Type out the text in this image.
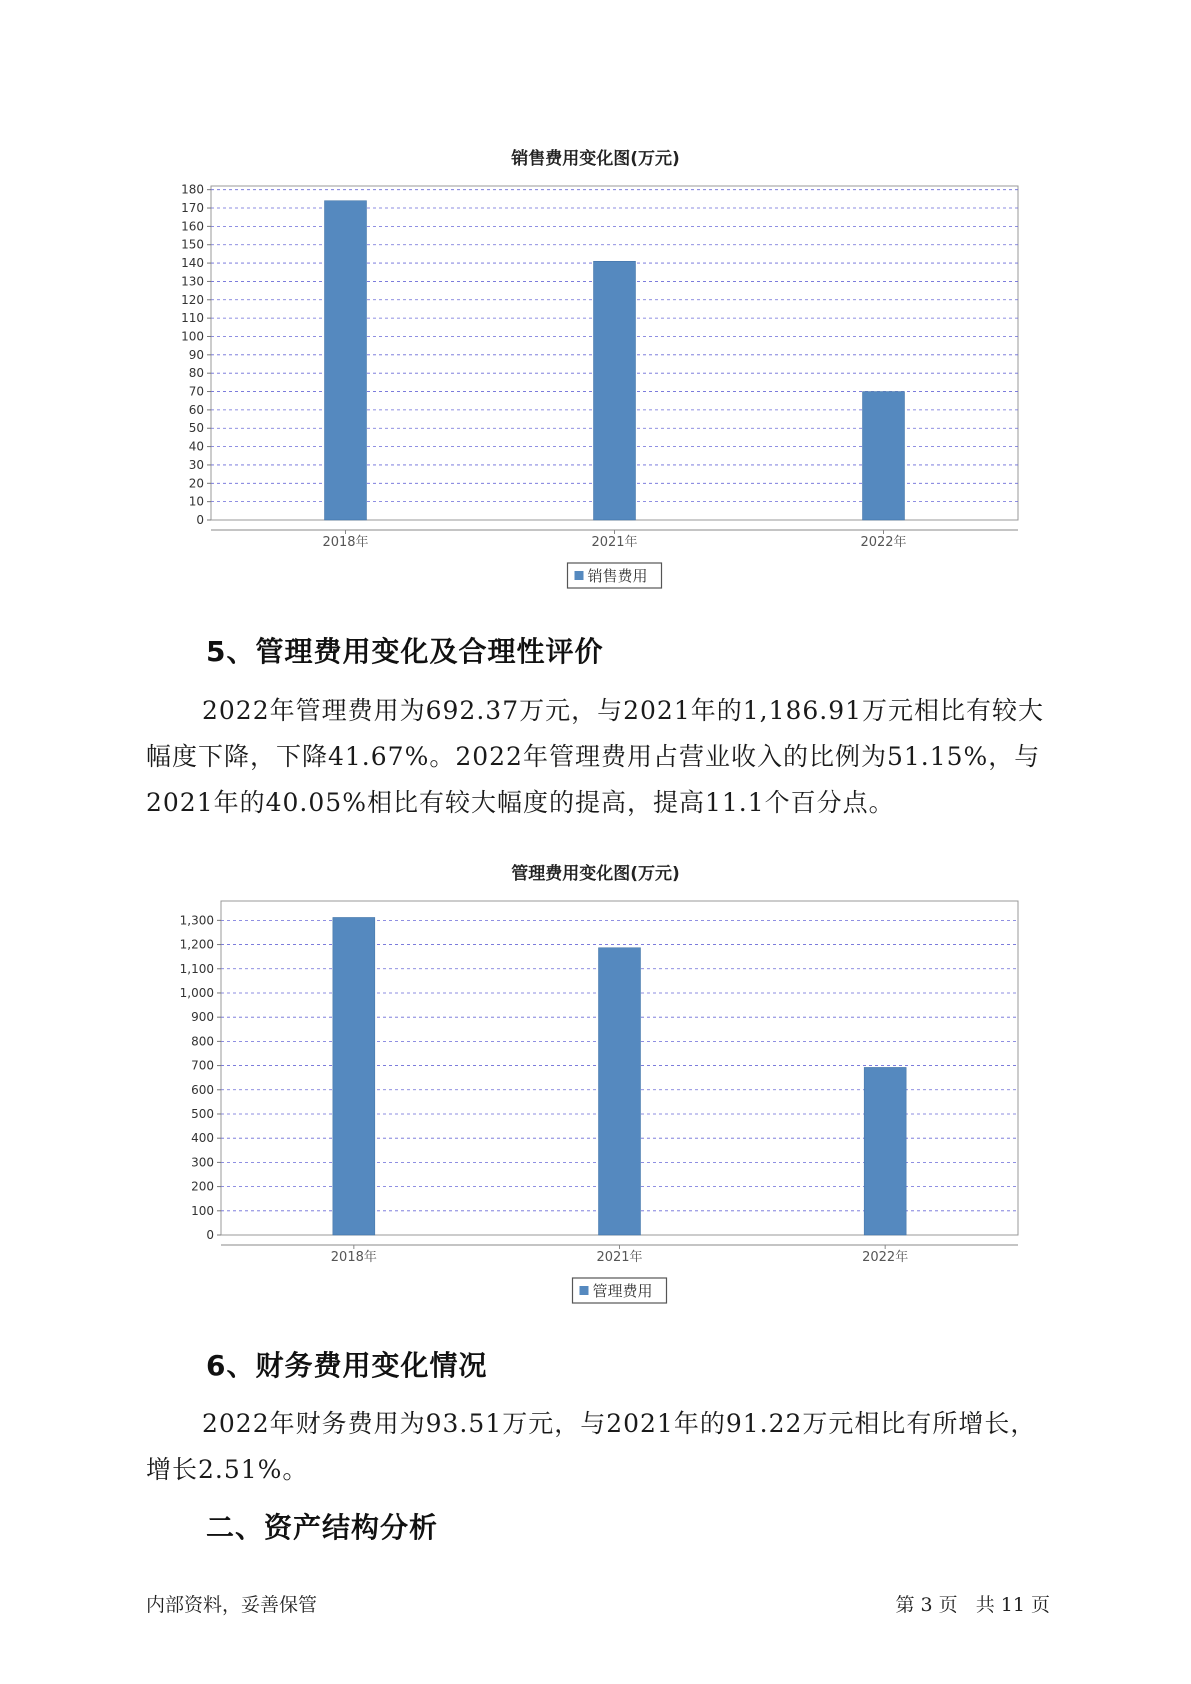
销售费用变化图(万元)
0
10
20
30
40
50
60
70
80
90
100
110
120
130
140
150
160
170
180
2018年	2021年	2022年
销售费用
5、管理费用变化及合理性评价
2022年管理费用为692.37万元，与2021年的1,186.91万元相比有较大幅度下降，下降41.67%。2022年管理费用占营业收入的比例为51.15%，与2021年的40.05%相比有较大幅度的提高，提高11.1个百分点。
管理费用变化图(万元)
0
100
200
300
400
500
600
700
800
900
1,000
1,100
1,200
1,300
2018年	2021年	2022年
管理费用
6、财务费用变化情况
2022年财务费用为93.51万元，与2021年的91.22万元相比有所增长，增长2.51%。
二、资产结构分析
内部资料，妥善保管	第 3 页   共 11 页
